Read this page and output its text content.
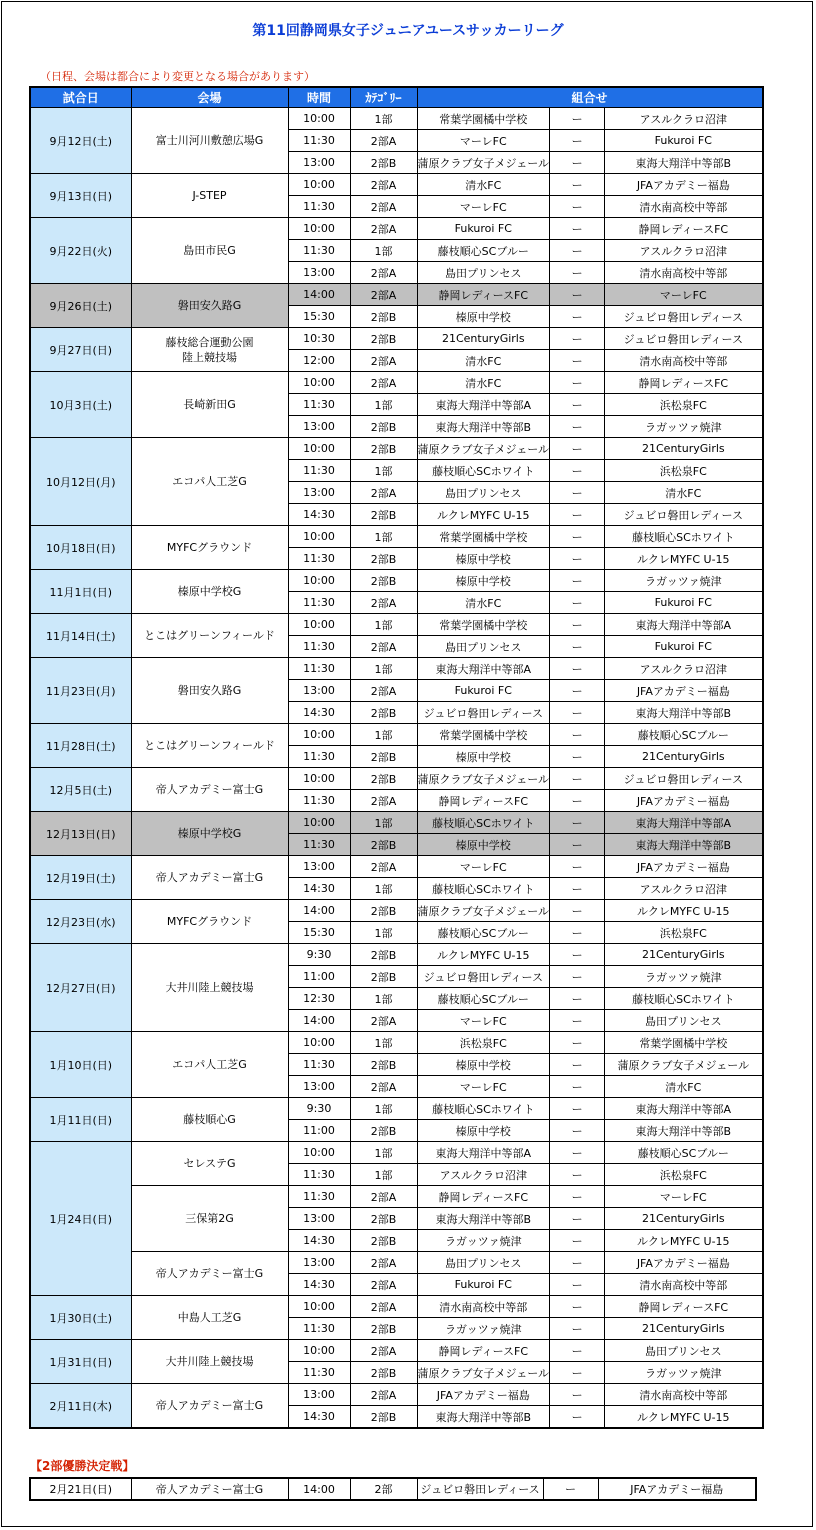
第11回静岡県女子ジュニアユースサッカーリーグ
（日程、会場は都合により変更となる場合があります）
試合日	会場	時間	ｶﾃｺﾞﾘｰ	組合せ		
9月12日(土)	富士川河川敷憩広場G	10:00	1部	常葉学園橘中学校	ー	アスルクラロ沼津
		11:30	2部A	マーレFC	ー	Fukuroi FC
		13:00	2部B	蒲原クラブ女子メジェール	ー	東海大翔洋中等部B
9月13日(日)	J-STEP	10:00	2部A	清水FC	ー	JFAアカデミー福島
		11:30	2部A	マーレFC	ー	清水南高校中等部
9月22日(火)	島田市民G	10:00	2部A	Fukuroi FC	ー	静岡レディースFC
		11:30	1部	藤枝順心SCブルー	ー	アスルクラロ沼津
		13:00	2部A	島田プリンセス	ー	清水南高校中等部
9月26日(土)	磐田安久路G	14:00	2部A	静岡レディースFC	ー	マーレFC
		15:30	2部B	榛原中学校	ー	ジュビロ磐田レディース
9月27日(日)	藤枝総合運動公園
陸上競技場	10:30	2部B	21CenturyGirls	ー	ジュビロ磐田レディース
		12:00	2部A	清水FC	ー	清水南高校中等部
10月3日(土)	長崎新田G	10:00	2部A	清水FC	ー	静岡レディースFC
		11:30	1部	東海大翔洋中等部A	ー	浜松泉FC
		13:00	2部B	東海大翔洋中等部B	ー	ラガッツァ焼津
10月12日(月)	エコパ人工芝G	10:00	2部B	蒲原クラブ女子メジェール	ー	21CenturyGirls
		11:30	1部	藤枝順心SCホワイト	ー	浜松泉FC
		13:00	2部A	島田プリンセス	ー	清水FC
		14:30	2部B	ルクレMYFC U-15	ー	ジュビロ磐田レディース
10月18日(日)	MYFCグラウンド	10:00	1部	常葉学園橘中学校	ー	藤枝順心SCホワイト
		11:30	2部B	榛原中学校	ー	ルクレMYFC U-15
11月1日(日)	榛原中学校G	10:00	2部B	榛原中学校	ー	ラガッツァ焼津
		11:30	2部A	清水FC	ー	Fukuroi FC
11月14日(土)	とこはグリーンフィールド	10:00	1部	常葉学園橘中学校	ー	東海大翔洋中等部A
		11:30	2部A	島田プリンセス	ー	Fukuroi FC
11月23日(月)	磐田安久路G	11:30	1部	東海大翔洋中等部A	ー	アスルクラロ沼津
		13:00	2部A	Fukuroi FC	ー	JFAアカデミー福島
		14:30	2部B	ジュビロ磐田レディース	ー	東海大翔洋中等部B
11月28日(土)	とこはグリーンフィールド	10:00	1部	常葉学園橘中学校	ー	藤枝順心SCブルー
		11:30	2部B	榛原中学校	ー	21CenturyGirls
12月5日(土)	帝人アカデミー富士G	10:00	2部B	蒲原クラブ女子メジェール	ー	ジュビロ磐田レディース
		11:30	2部A	静岡レディースFC	ー	JFAアカデミー福島
12月13日(日)	榛原中学校G	10:00	1部	藤枝順心SCホワイト	ー	東海大翔洋中等部A
		11:30	2部B	榛原中学校	ー	東海大翔洋中等部B
12月19日(土)	帝人アカデミー富士G	13:00	2部A	マーレFC	ー	JFAアカデミー福島
		14:30	1部	藤枝順心SCホワイト	ー	アスルクラロ沼津
12月23日(水)	MYFCグラウンド	14:00	2部B	蒲原クラブ女子メジェール	ー	ルクレMYFC U-15
		15:30	1部	藤枝順心SCブルー	ー	浜松泉FC
12月27日(日)	大井川陸上競技場	9:30	2部B	ルクレMYFC U-15	ー	21CenturyGirls
		11:00	2部B	ジュビロ磐田レディース	ー	ラガッツァ焼津
		12:30	1部	藤枝順心SCブルー	ー	藤枝順心SCホワイト
		14:00	2部A	マーレFC	ー	島田プリンセス
1月10日(日)	エコパ人工芝G	10:00	1部	浜松泉FC	ー	常葉学園橘中学校
		11:30	2部B	榛原中学校	ー	蒲原クラブ女子メジェール
		13:00	2部A	マーレFC	ー	清水FC
1月11日(日)	藤枝順心G	9:30	1部	藤枝順心SCホワイト	ー	東海大翔洋中等部A
		11:00	2部B	榛原中学校	ー	東海大翔洋中等部B
1月24日(日)	セレステG	10:00	1部	東海大翔洋中等部A	ー	藤枝順心SCブルー
		11:30	1部	アスルクラロ沼津	ー	浜松泉FC
	三保第2G	11:30	2部A	静岡レディースFC	ー	マーレFC
		13:00	2部B	東海大翔洋中等部B	ー	21CenturyGirls
		14:30	2部B	ラガッツァ焼津	ー	ルクレMYFC U-15
	帝人アカデミー富士G	13:00	2部A	島田プリンセス	ー	JFAアカデミー福島
		14:30	2部A	Fukuroi FC	ー	清水南高校中等部
1月30日(土)	中島人工芝G	10:00	2部A	清水南高校中等部	ー	静岡レディースFC
		11:30	2部B	ラガッツァ焼津	ー	21CenturyGirls
1月31日(日)	大井川陸上競技場	10:00	2部A	静岡レディースFC	ー	島田プリンセス
		11:30	2部B	蒲原クラブ女子メジェール	ー	ラガッツァ焼津
2月11日(木)	帝人アカデミー富士G	13:00	2部A	JFAアカデミー福島	ー	清水南高校中等部
		14:30	2部B	東海大翔洋中等部B	ー	ルクレMYFC U-15
【2部優勝決定戦】
2月21日(日)	帝人アカデミー富士G	14:00	2部	ジュビロ磐田レディース	ー	JFAアカデミー福島
